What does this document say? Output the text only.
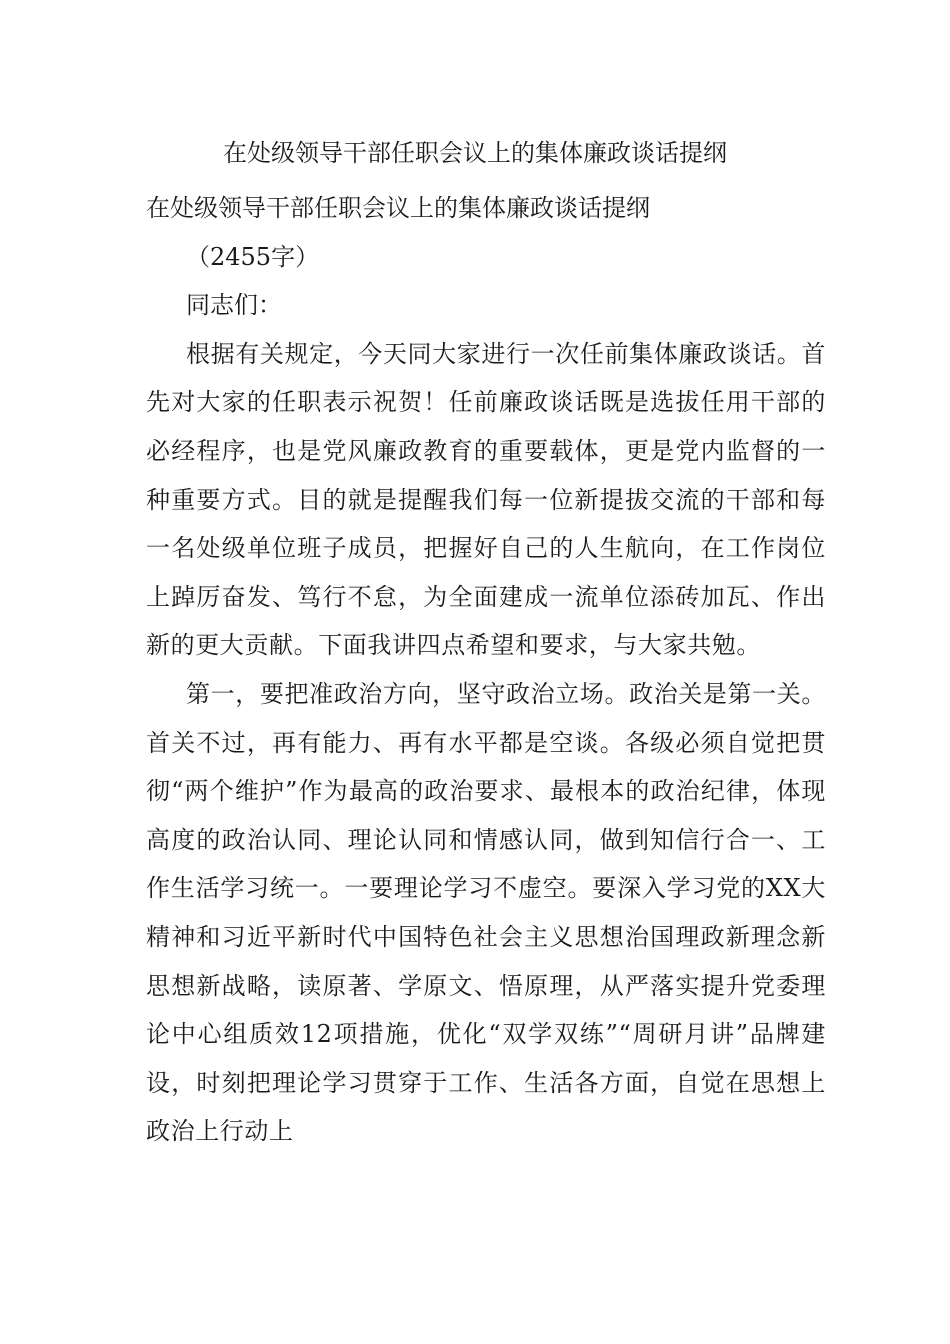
在处级领导干部任职会议上的集体廉政谈话提纲

在处级领导干部任职会议上的集体廉政谈话提纲

（2455字）

同志们：

根据有关规定，今天同大家进行一次任前集体廉政谈话。首先对大家的任职表示祝贺！任前廉政谈话既是选拔任用干部的必经程序，也是党风廉政教育的重要载体，更是党内监督的一种重要方式。目的就是提醒我们每一位新提拔交流的干部和每一名处级单位班子成员，把握好自己的人生航向，在工作岗位上踔厉奋发、笃行不怠，为全面建成一流单位添砖加瓦、作出新的更大贡献。下面我讲四点希望和要求，与大家共勉。

第一，要把准政治方向，坚守政治立场。政治关是第一关。首关不过，再有能力、再有水平都是空谈。各级必须自觉把贯彻“两个维护”作为最高的政治要求、最根本的政治纪律，体现高度的政治认同、理论认同和情感认同，做到知信行合一、工作生活学习统一。一要理论学习不虚空。要深入学习党的XX大精神和习近平新时代中国特色社会主义思想治国理政新理念新思想新战略，读原著、学原文、悟原理，从严落实提升党委理论中心组质效12项措施，优化“双学双练”“周研月讲”品牌建设，时刻把理论学习贯穿于工作、生活各方面，自觉在思想上政治上行动上
